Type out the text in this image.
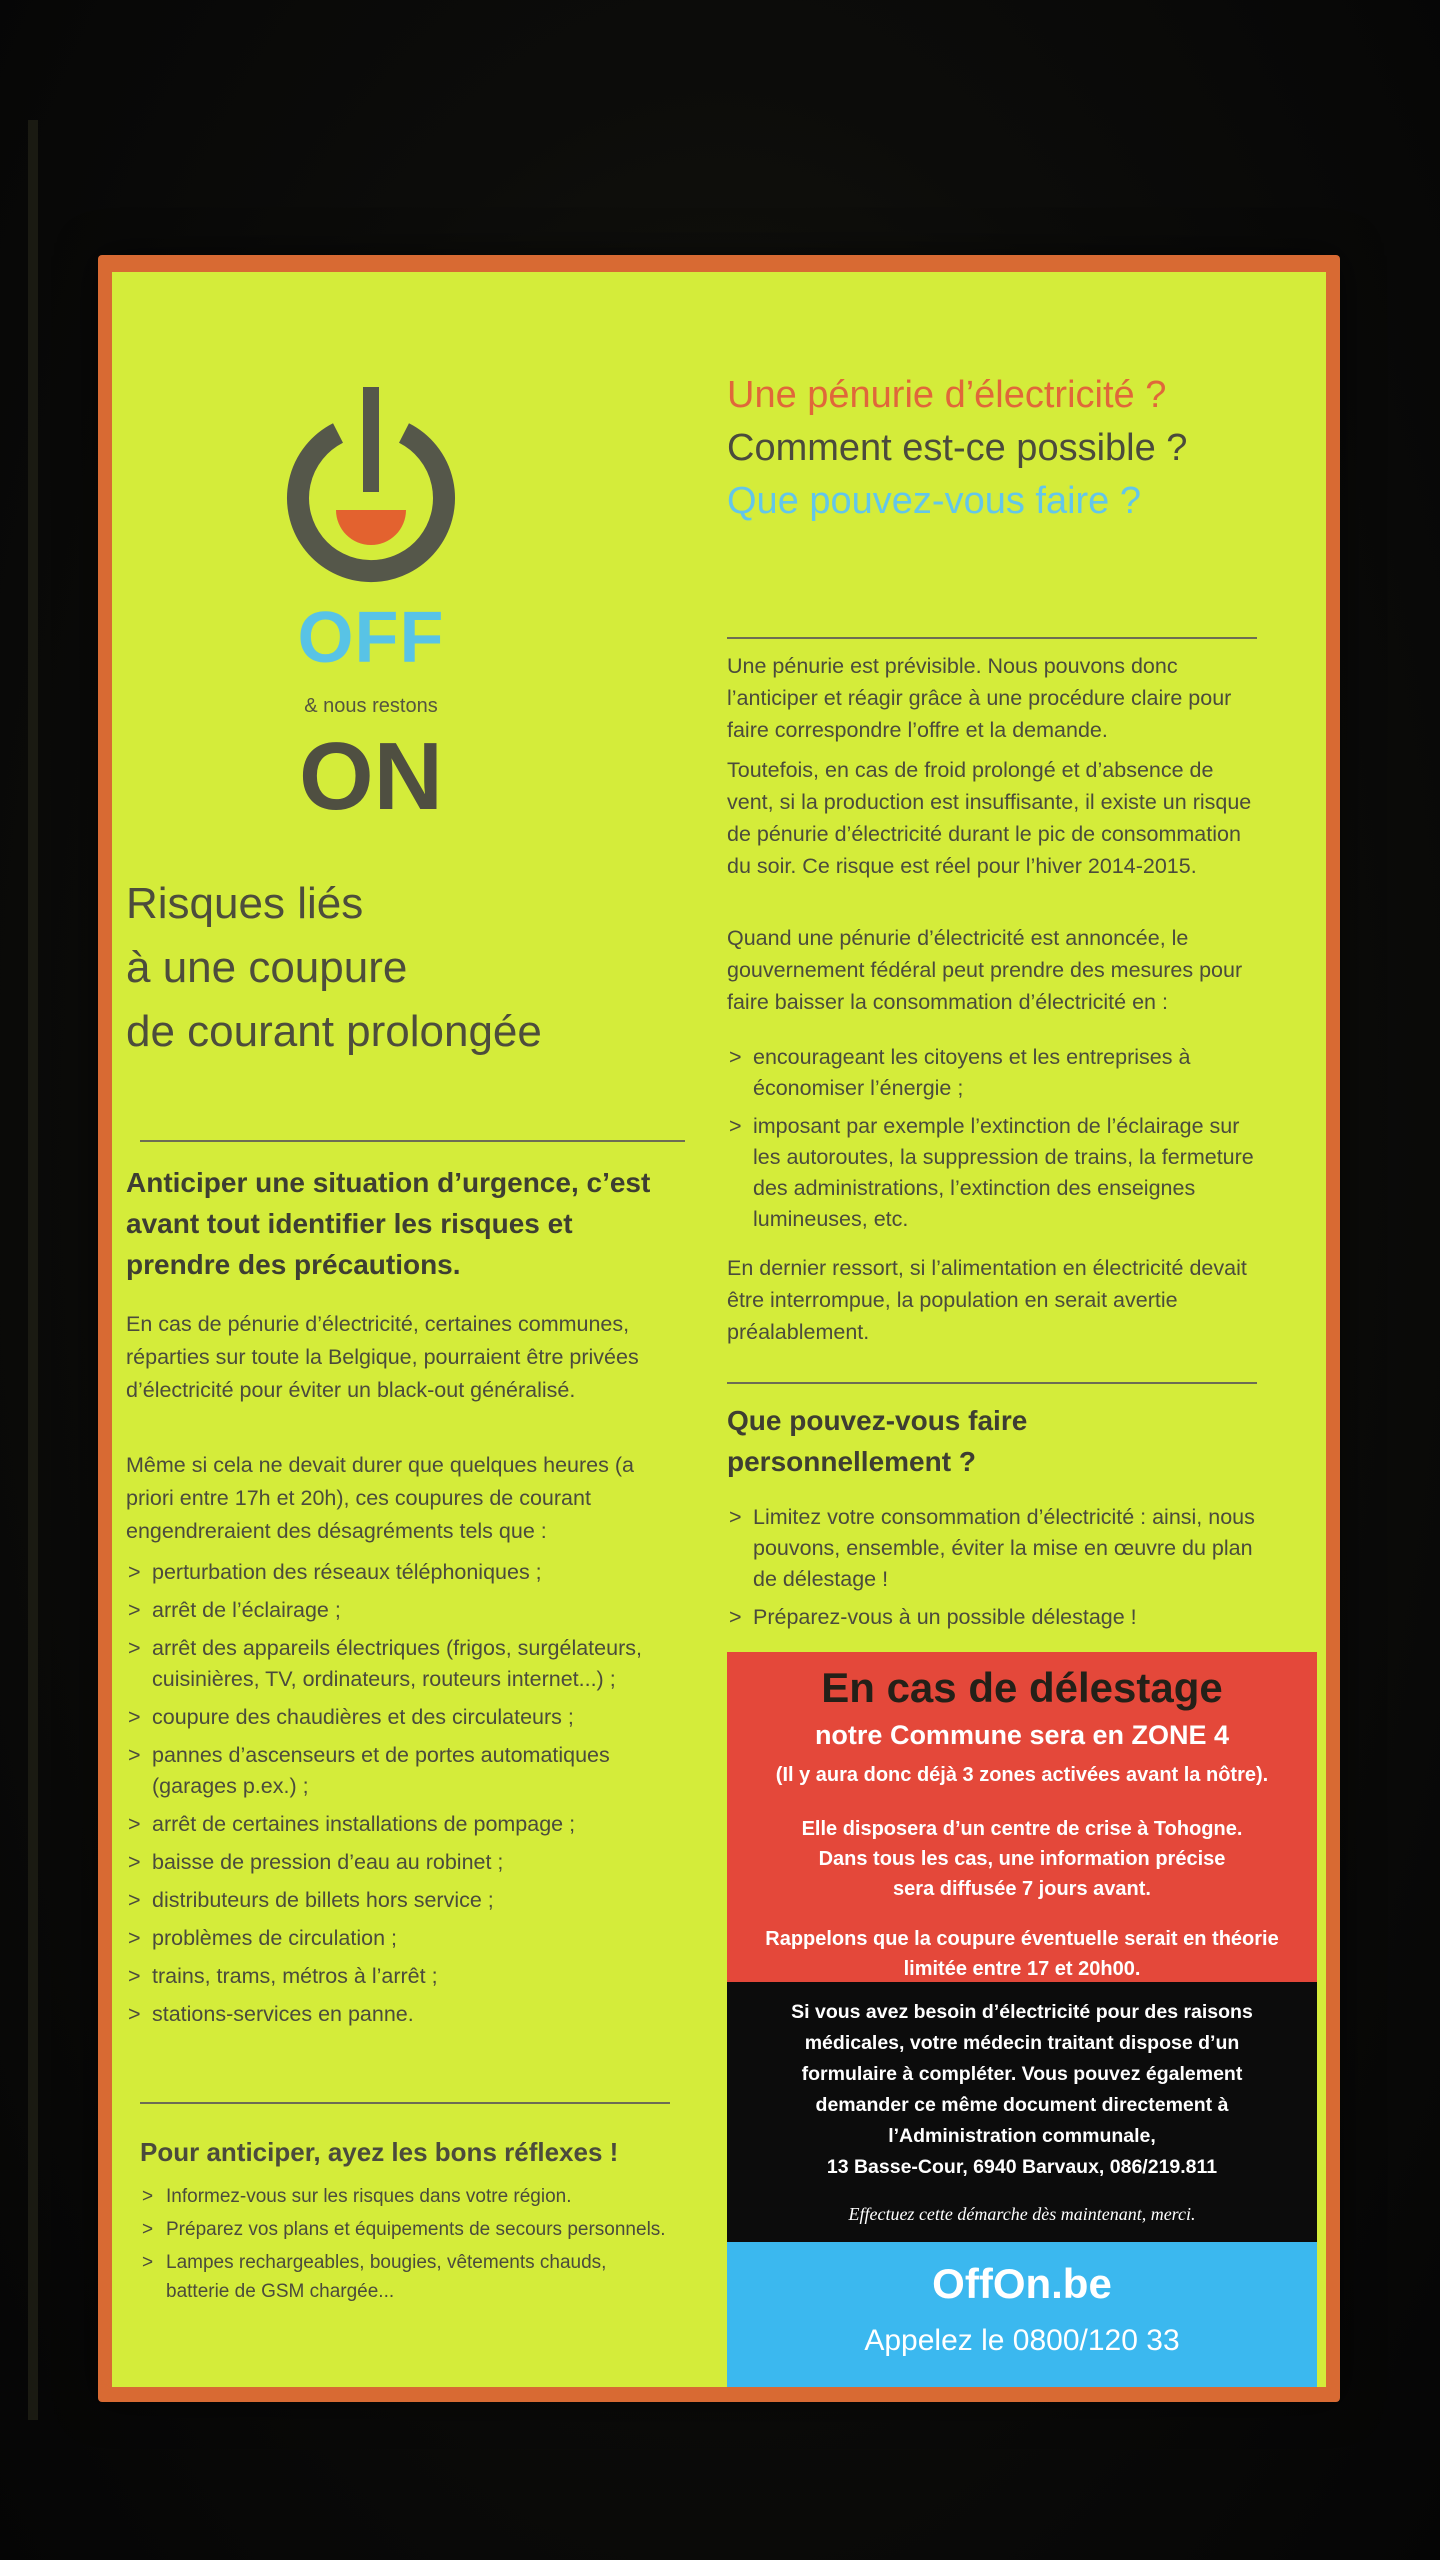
OFF
& nous restons
ON
Risques liés
à une coupure
de courant prolongée
Anticiper une situation d’urgence, c’est
avant tout identifier les risques et
prendre des précautions.

En cas de pénurie d’électricité, certaines communes, réparties sur toute la Belgique, pourraient être privées d’électricité pour éviter un black-out généralisé.

Même si cela ne devait durer que quelques heures (a priori entre 17h et 20h), ces coupures de courant engendreraient des désagréments tels que :

> perturbation des réseaux téléphoniques ;
> arrêt de l’éclairage ;
> arrêt des appareils électriques (frigos, surgélateurs, cuisinières, TV, ordinateurs, routeurs internet...) ;
> coupure des chaudières et des circulateurs ;
> pannes d’ascenseurs et de portes automatiques (garages p.ex.) ;
> arrêt de certaines installations de pompage ;
> baisse de pression d’eau au robinet ;
> distributeurs de billets hors service ;
> problèmes de circulation ;
> trains, trams, métros à l’arrêt ;
> stations-services en panne.
Pour anticiper, ayez les bons réflexes !
> Informez-vous sur les risques dans votre région.
> Préparez vos plans et équipements de secours personnels.
> Lampes rechargeables, bougies, vêtements chauds, batterie de GSM chargée...
Une pénurie d’électricité ?
Comment est-ce possible ?
Que pouvez-vous faire ?

Une pénurie est prévisible. Nous pouvons donc l’anticiper et réagir grâce à une procédure claire pour faire correspondre l’offre et la demande.

Toutefois, en cas de froid prolongé et d’absence de vent, si la production est insuffisante, il existe un risque de pénurie d’électricité durant le pic de consommation du soir. Ce risque est réel pour l’hiver 2014-2015.

Quand une pénurie d’électricité est annoncée, le gouvernement fédéral peut prendre des mesures pour faire baisser la consommation d’électricité en :

> encourageant les citoyens et les entreprises à économiser l’énergie ;
> imposant par exemple l’extinction de l’éclairage sur les autoroutes, la suppression de trains, la fermeture des administrations, l’extinction des enseignes lumineuses, etc.

En dernier ressort, si l’alimentation en électricité devait être interrompue, la population en serait avertie préalablement.

Que pouvez-vous faire personnellement ?
> Limitez votre consommation d’électricité : ainsi, nous pouvons, ensemble, éviter la mise en œuvre du plan de délestage !
> Préparez-vous à un possible délestage !
En cas de délestage
notre Commune sera en ZONE 4
(Il y aura donc déjà 3 zones activées avant la nôtre).
Elle disposera d’un centre de crise à Tohogne.
Dans tous les cas, une information précise
sera diffusée 7 jours avant.
Rappelons que la coupure éventuelle serait en théorie
limitée entre 17 et 20h00.
Si vous avez besoin d’électricité pour des raisons
médicales, votre médecin traitant dispose d’un
formulaire à compléter. Vous pouvez également
demander ce même document directement à
l’Administration communale,
13 Basse-Cour, 6940 Barvaux, 086/219.811
Effectuez cette démarche dès maintenant, merci.
OffOn.be
Appelez le 0800/120 33
